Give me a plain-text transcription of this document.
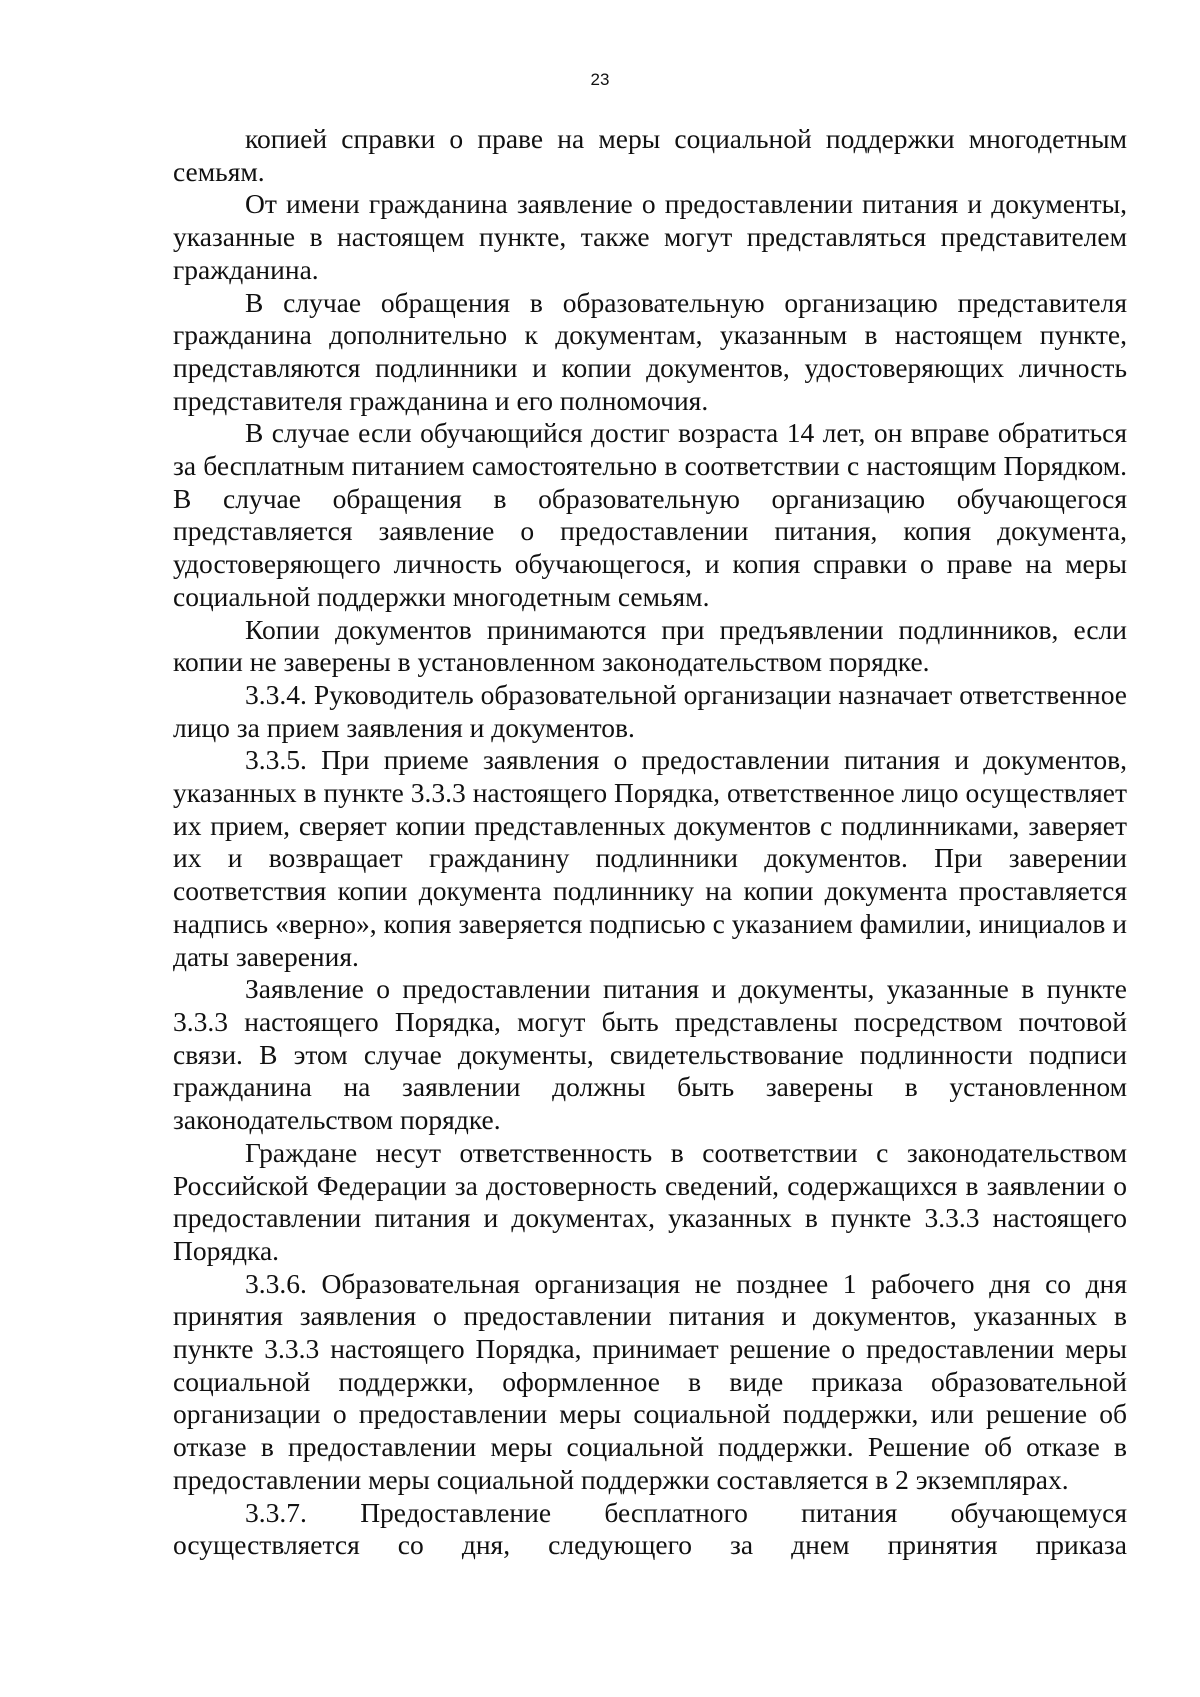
23

копией справки о праве на меры социальной поддержки многодетным семьям.

От имени гражданина заявление о предоставлении питания и документы, указанные в настоящем пункте, также могут представляться представителем гражданина.

В случае обращения в образовательную организацию представителя гражданина дополнительно к документам, указанным в настоящем пункте, представляются подлинники и копии документов, удостоверяющих личность представителя гражданина и его полномочия.

В случае если обучающийся достиг возраста 14 лет, он вправе обратиться за бесплатным питанием самостоятельно в соответствии с настоящим Порядком. В случае обращения в образовательную организацию обучающегося представляется заявление о предоставлении питания, копия документа, удостоверяющего личность обучающегося, и копия справки о праве на меры социальной поддержки многодетным семьям.

Копии документов принимаются при предъявлении подлинников, если копии не заверены в установленном законодательством порядке.

3.3.4. Руководитель образовательной организации назначает ответственное лицо за прием заявления и документов.

3.3.5. При приеме заявления о предоставлении питания и документов, указанных в пункте 3.3.3 настоящего Порядка, ответственное лицо осуществляет их прием, сверяет копии представленных документов с подлинниками, заверяет их и возвращает гражданину подлинники документов. При заверении соответствия копии документа подлиннику на копии документа проставляется надпись «верно», копия заверяется подписью с указанием фамилии, инициалов и даты заверения.

Заявление о предоставлении питания и документы, указанные в пункте 3.3.3 настоящего Порядка, могут быть представлены посредством почтовой связи. В этом случае документы, свидетельствование подлинности подписи гражданина на заявлении должны быть заверены в установленном законодательством порядке.

Граждане несут ответственность в соответствии с законодательством Российской Федерации за достоверность сведений, содержащихся в заявлении о предоставлении питания и документах, указанных в пункте 3.3.3 настоящего Порядка.

3.3.6. Образовательная организация не позднее 1 рабочего дня со дня принятия заявления о предоставлении питания и документов, указанных в пункте 3.3.3 настоящего Порядка, принимает решение о предоставлении меры социальной поддержки, оформленное в виде приказа образовательной организации о предоставлении меры социальной поддержки, или решение об отказе в предоставлении меры социальной поддержки. Решение об отказе в предоставлении меры социальной поддержки составляется в 2 экземплярах.

3.3.7. Предоставление бесплатного питания обучающемуся осуществляется со дня, следующего за днем принятия приказа
